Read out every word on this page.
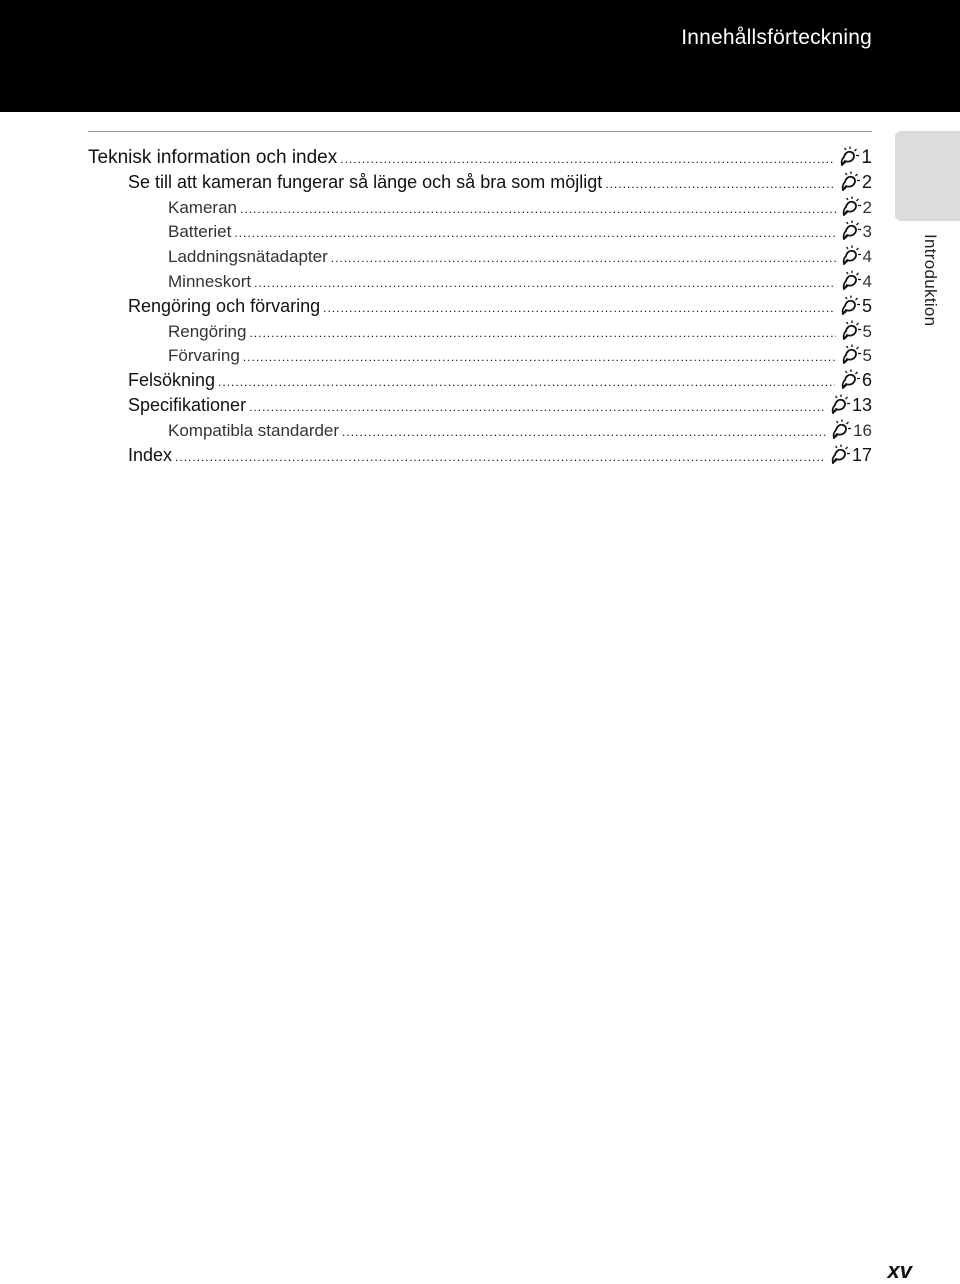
Innehållsförteckning
Introduktion
Teknisk information och index .....	1
Se till att kameran fungerar så länge och så bra som möjligt .....	2
Kameran .....	2
Batteriet .....	3
Laddningsnätadapter .....	4
Minneskort .....	4
Rengöring och förvaring .....	5
Rengöring .....	5
Förvaring .....	5
Felsökning .....	6
Specifikationer .....	13
Kompatibla standarder .....	16
Index .....	17
xv
